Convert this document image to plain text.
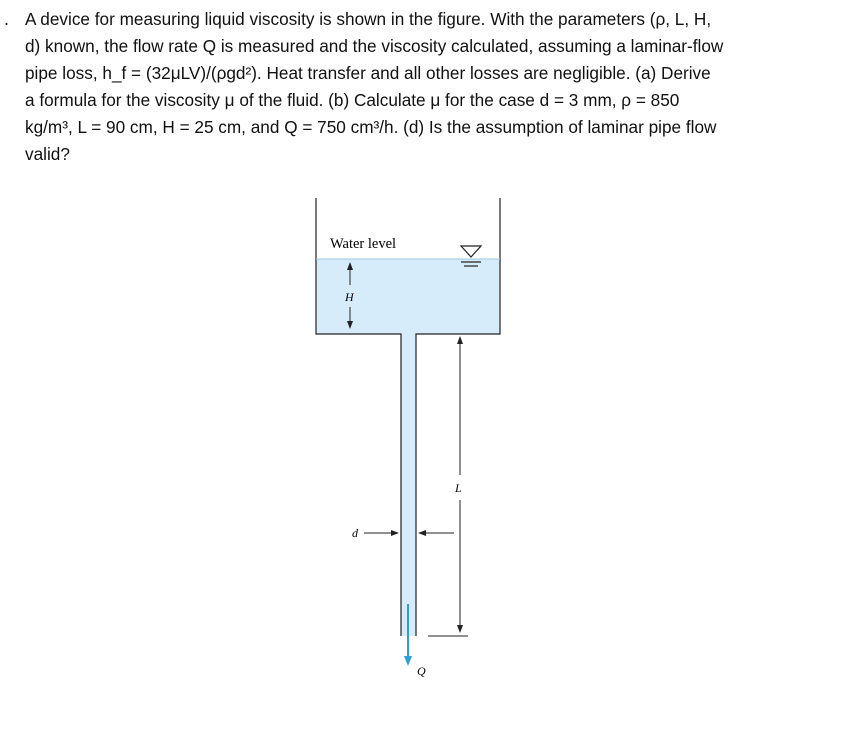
. A device for measuring liquid viscosity is shown in the figure. With the parameters (ρ, L, H,
d) known, the flow rate Q is measured and the viscosity calculated, assuming a laminar-flow
pipe loss, h_f = (32μLV)/(ρgd²). Heat transfer and all other losses are negligible. (a) Derive
a formula for the viscosity μ of the fluid. (b) Calculate μ for the case d = 3 mm, ρ = 850
kg/m³, L = 90 cm, H = 25 cm, and Q = 750 cm³/h. (d) Is the assumption of laminar pipe flow
valid?
Water level
H
L
d
Q
